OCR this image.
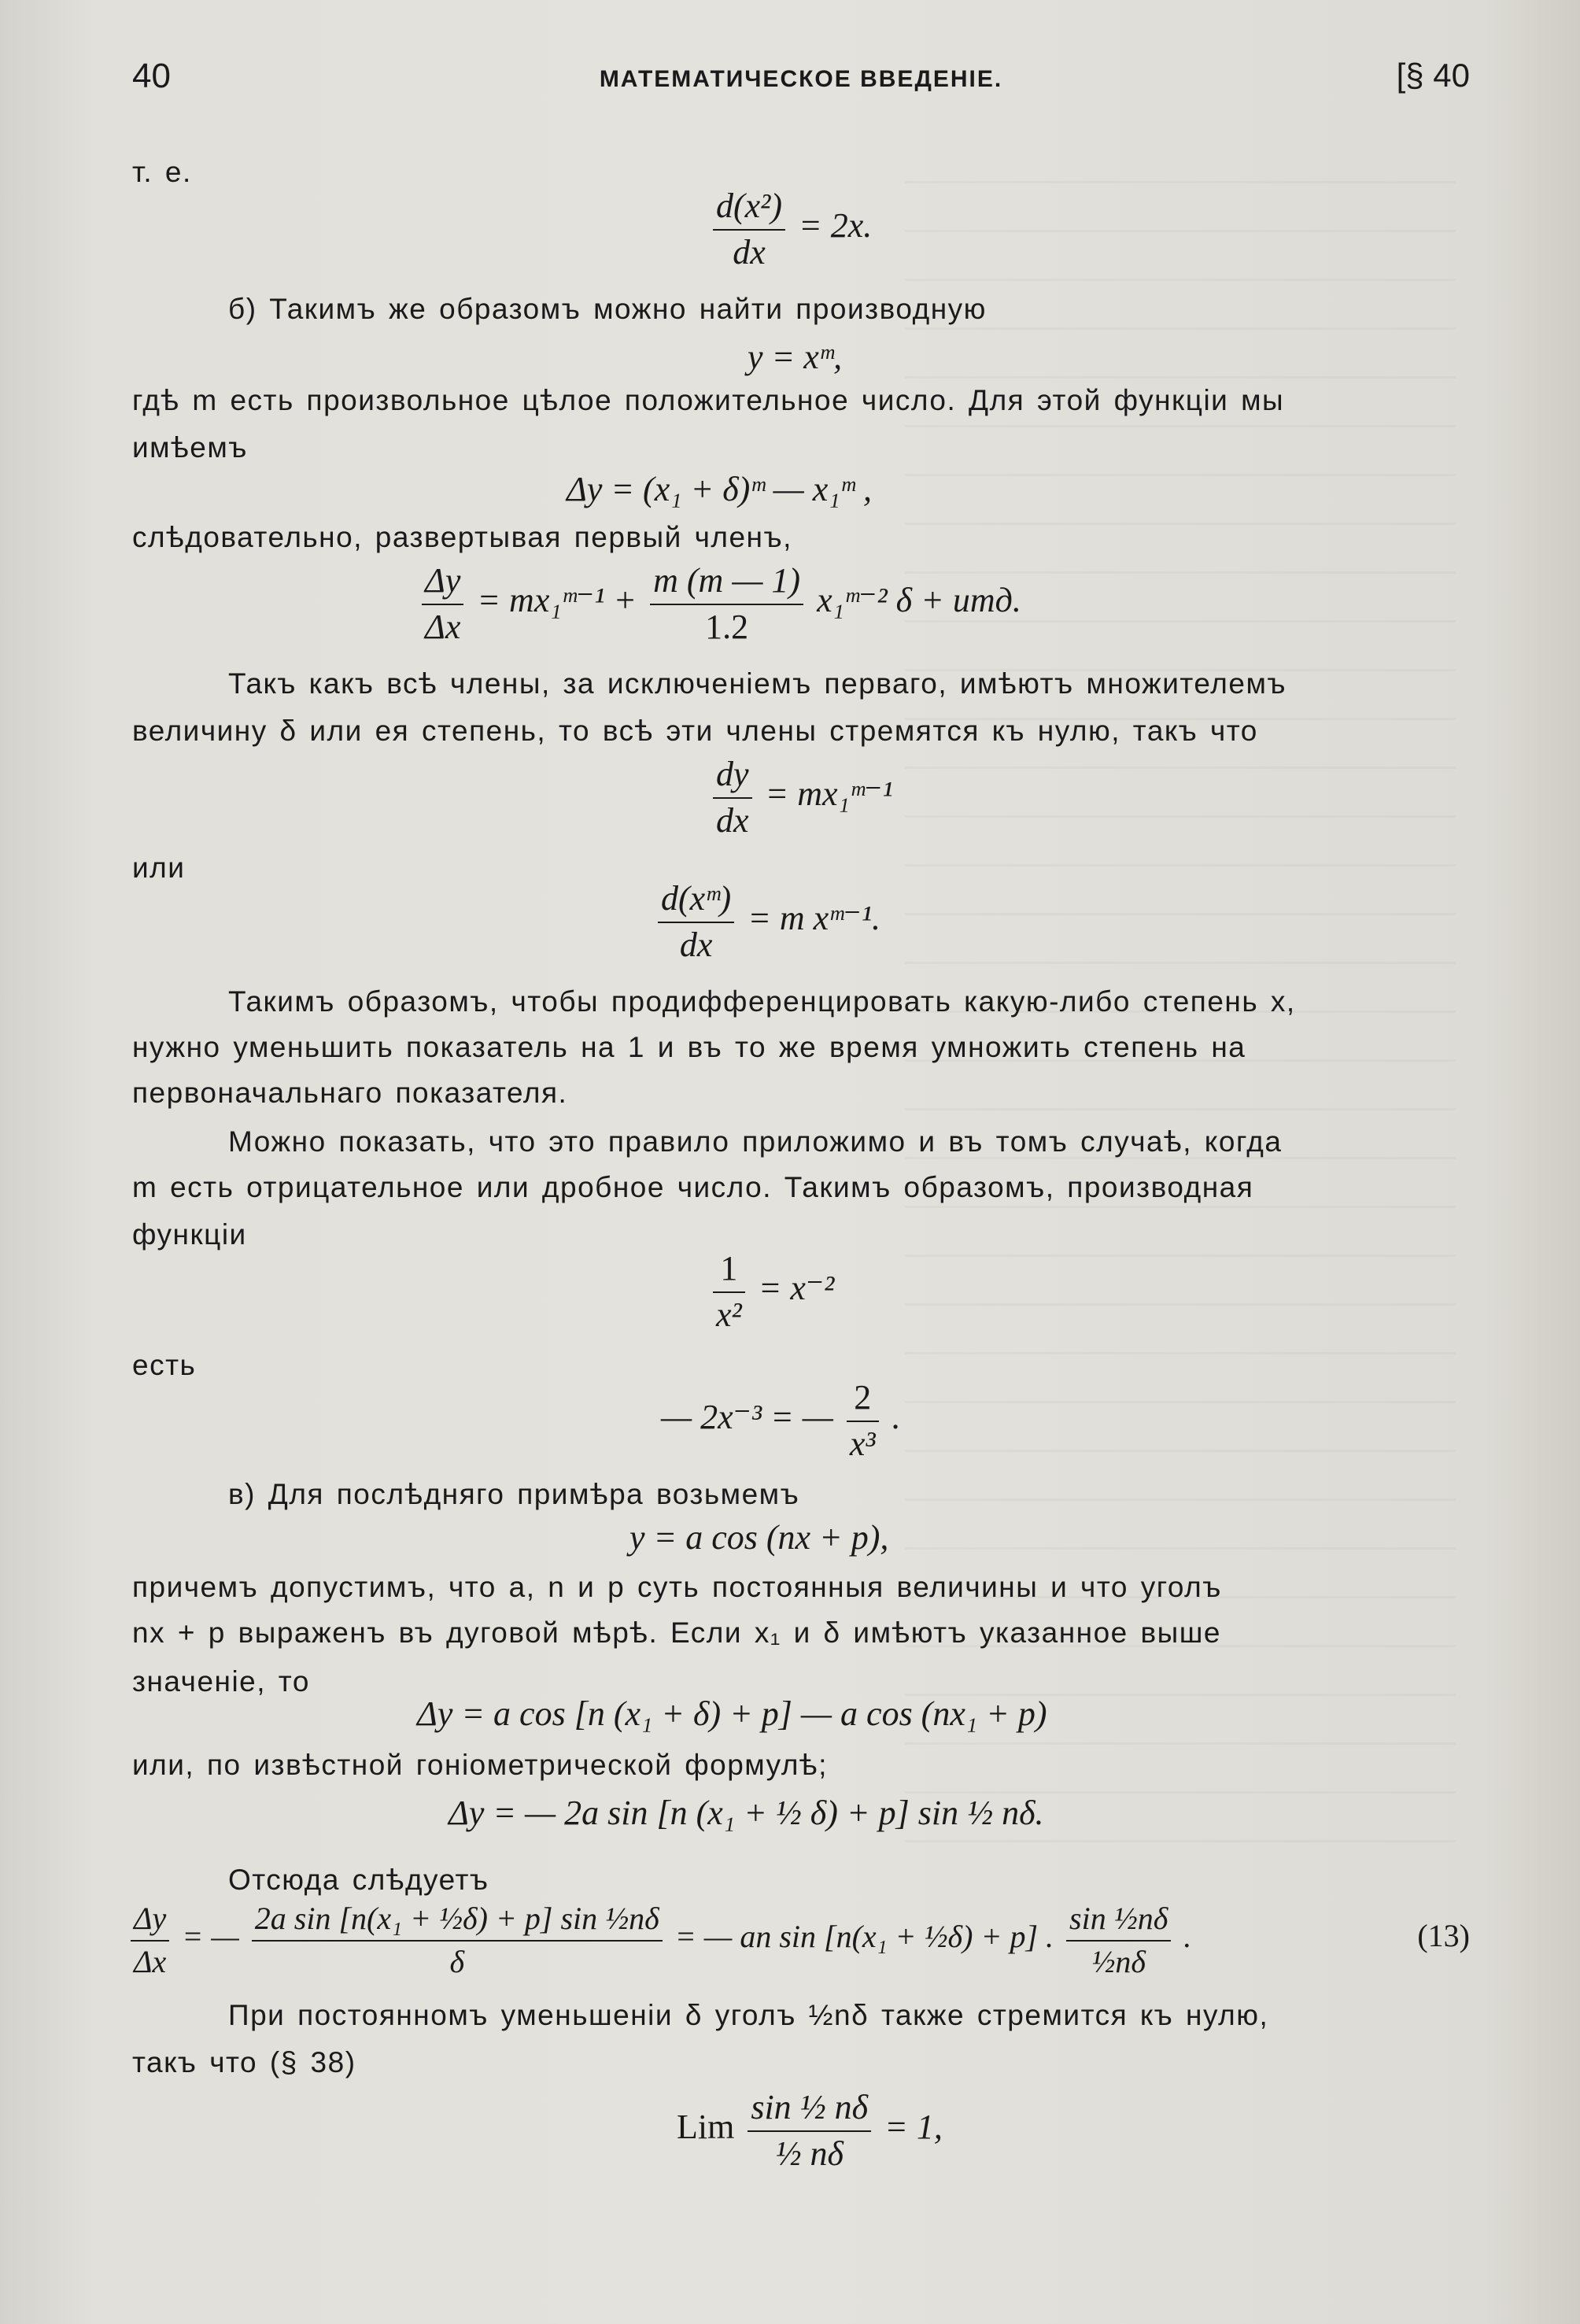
40	МАТЕМАТИЧЕСКОЕ ВВЕДЕНІЕ.	[§ 40
т. е.
$\frac{\text{d(x²)}}{dx} = 2x$.
б) Такимъ же образомъ можно найти производную
y = xᵐ,
гдѣ m есть произвольное цѣлое положительное число. Для этой функціи мы
имѣемъ
Δy = (x₁ + δ)ᵐ — x₁ᵐ ,
слѣдовательно, развертывая первый членъ,
$\frac{\Delta y}{\Delta x}$ = mx₁ᵐ⁻¹ + $\frac{m (m — 1)}{1.2}$ x₁ᵐ⁻² δ + итд.
Такъ какъ всѣ члены, за исключеніемъ перваго, имѣютъ множителемъ
величину δ или ея степень, то всѣ эти члены стремятся къ нулю, такъ что
$\frac{dy}{dx}$ = mx₁ᵐ⁻¹
или
$\frac{\text{d(xᵐ)}}{dx} = m$ xᵐ⁻¹.
Такимъ образомъ, чтобы продифференцировать какую-либо степень x,
нужно уменьшить показатель на 1 и въ то же время умножить степень на
первоначальнаго показателя.
Можно показать, что это правило приложимо и въ томъ случаѣ, когда
m есть отрицательное или дробное число. Такимъ образомъ, производная
функціи
$\frac{1}{\text{x²}} = x^{-2}$
есть
— 2x⁻³ = — $\frac{2}{\text{x³}}$ .
в) Для послѣдняго примѣра возьмемъ
y = a cos (nx + p),
причемъ допустимъ, что a, n и p суть постоянныя величины и что уголъ
nx + p выраженъ въ дуговой мѣрѣ. Если x₁ и δ имѣютъ указанное выше
значеніе, то
Δy = a cos [n (x₁ + δ) + p] — a cos (nx₁ + p)
или, по извѣстной гоніометрической формулѣ;
Δy = — 2a sin [n (x₁ + ½ δ) + p] sin ½ nδ.
Отсюда слѣдуетъ
$\frac{\Delta y}{\Delta x}$ = — $\frac{\text{2a sin [n(x₁ + ½δ) + p] sin ½nδ}}{\delta}$ = — an sin [n(x₁ + ½δ) + p] . $\frac{\text{sin ½nδ}}{\text{½nδ}}$ .	(13)
При постоянномъ уменьшеніи δ уголъ ½nδ также стремится къ нулю,
такъ что (§ 38)
Lim $\frac{\text{sin ½ nδ}}{\text{½ nδ}} = 1$,
